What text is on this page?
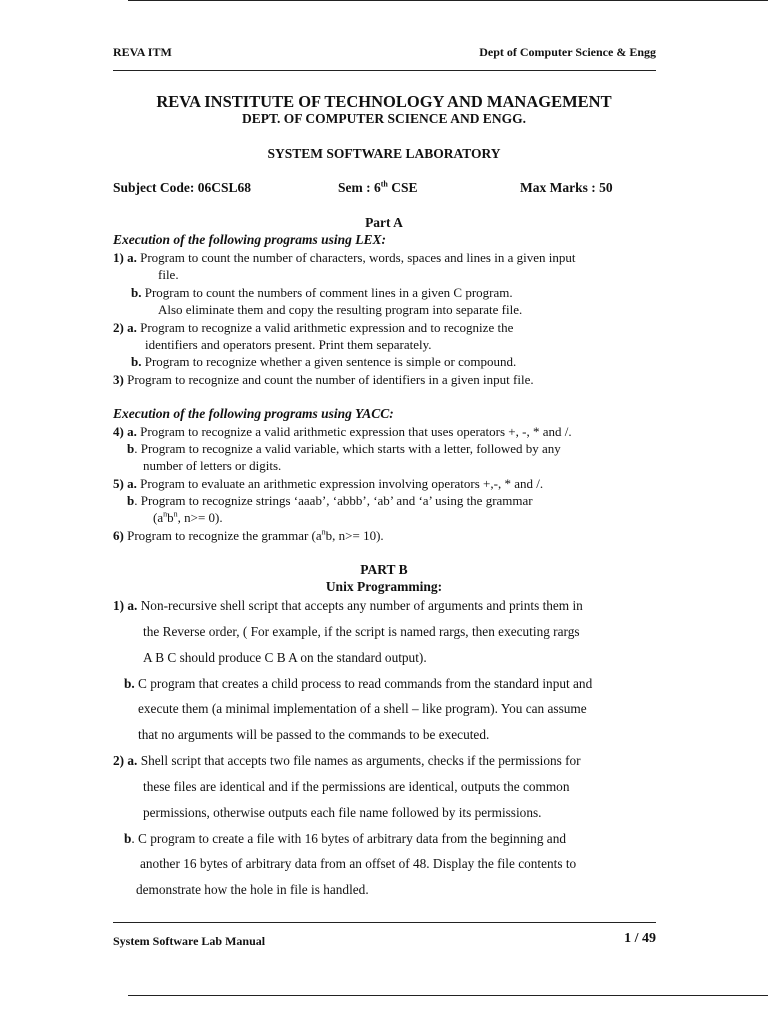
REVA ITM	Dept of Computer Science & Engg
REVA INSTITUTE OF TECHNOLOGY AND MANAGEMENT
DEPT. OF COMPUTER SCIENCE AND ENGG.
SYSTEM SOFTWARE LABORATORY
Subject Code: 06CSL68	Sem : 6th CSE	Max Marks : 50
Part A
Execution of the following programs using LEX:
1) a. Program to count the number of characters, words, spaces and lines in a given input
file.
b. Program to count the numbers of comment lines in a given C program.
Also eliminate them and copy the resulting program into separate file.
2) a. Program to recognize a valid arithmetic expression and to recognize the
identifiers and operators present. Print them separately.
b. Program to recognize whether a given sentence is simple or compound.
3) Program to recognize and count the number of identifiers in a given input file.
Execution of the following programs using YACC:
4) a. Program to recognize a valid arithmetic expression that uses operators +, -, * and /.
b. Program to recognize a valid variable, which starts with a letter, followed by any
number of letters or digits.
5) a. Program to evaluate an arithmetic expression involving operators +,-, * and /.
b. Program to recognize strings ‘aaab’, ‘abbb’, ‘ab’ and ‘a’ using the grammar
($a^nb^n$, n>= 0).
6) Program to recognize the grammar ($a^nb$, n>= 10).
PART B
Unix Programming:
1) a. Non-recursive shell script that accepts any number of arguments and prints them in
the Reverse order, ( For example, if the script is named rargs, then executing rargs
A B C should produce C B A on the standard output).
b. C program that creates a child process to read commands from the standard input and
execute them (a minimal implementation of a shell – like program). You can assume
that no arguments will be passed to the commands to be executed.
2) a. Shell script that accepts two file names as arguments, checks if the permissions for
these files are identical and if the permissions are identical, outputs the common
permissions, otherwise outputs each file name followed by its permissions.
b. C program to create a file with 16 bytes of arbitrary data from the beginning and
another 16 bytes of arbitrary data from an offset of 48. Display the file contents to
demonstrate how the hole in file is handled.
System Software Lab Manual	1 / 49
